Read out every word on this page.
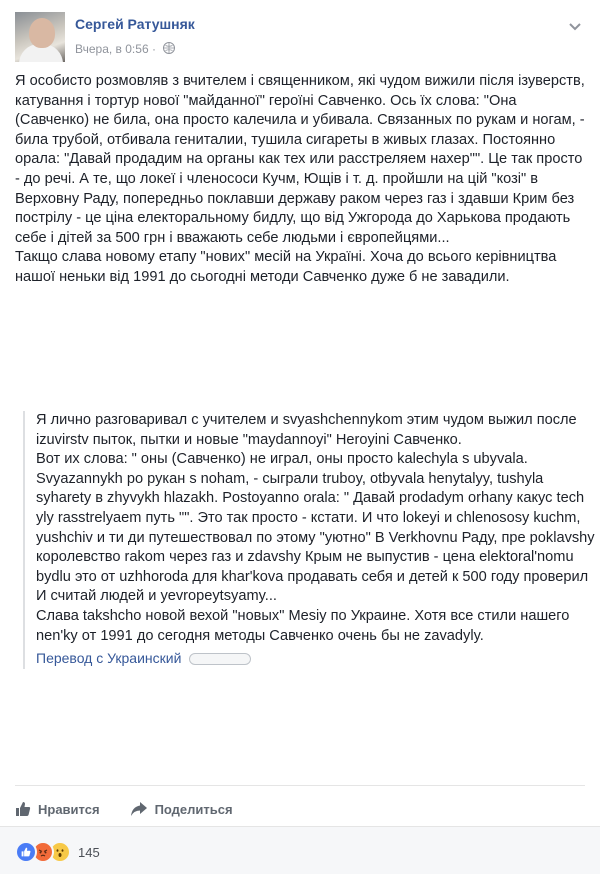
Сергей Ратушняк
Вчера, в 0:56 ·

Я особисто розмовляв з вчителем і священником, які чудом вижили після ізуверств, катування і тортур нової "майданної" героїні Савченко. Ось їх слова: "Она (Савченко) не била, она просто калечила и убивала. Связанных по рукам и ногам, - била трубой, отбивала гениталии, тушила сигареты в живых глазах. Постоянно орала: "Давай продадим на органы как тех или расстреляем нахер"". Це так просто - до речі. А те, що локеї і членососи Кучм, Ющів і т. д. пройшли на цій "козі" в Верховну Раду, попередньо поклавши державу раком через газ і здавши Крим без пострілу - це ціна електоральному бидлу, що від Ужгорода до Харькова продають себе і дітей за 500 грн і вважають себе людьми і європейцями...

Такщо слава новому етапу "нових" месій на Україні. Хоча до всього керівництва нашої неньки від 1991 до сьогодні методи Савченко дуже б не завадили.

Я лично разговаривал с учителем и svyashchennykom этим чудом выжил после izuvirstv пыток, пытки и новые "maydannoyi" Heroyini Савченко.

Вот их слова: " оны (Савченко) не играл, оны просто kalechyla s ubyvala. Svyazannykh ро рукан s noham, - сыграли truboy, otbyvala henytalyy, tushyla syharety в zhyvykh hlazakh. Postoyanno orala: " Давай prodadym orhany какус tech yly rasstrelyaem путь "". Это так просто - кстати. И что lokeyi и chlenososy kuchm, yushchiv и ти ди путешествовал по этому "уютно" В Verkhovnu Раду, пре poklavshy королевство rakom через газ и zdavshy Крым не выпустив - цена elektoral'nomu bydlu это от uzhhoroda для khar'kova продавать себя и детей к 500 году проверил И считай людей и yevropeytsyamy...

Слава takshcho новой вехой "новых" Mesiy по Украине. Хотя все стили нашего nen'ky от 1991 до сегодня методы Савченко очень бы не zavadyly.

Перевод с Украинский
Нравится	Поделиться
145
